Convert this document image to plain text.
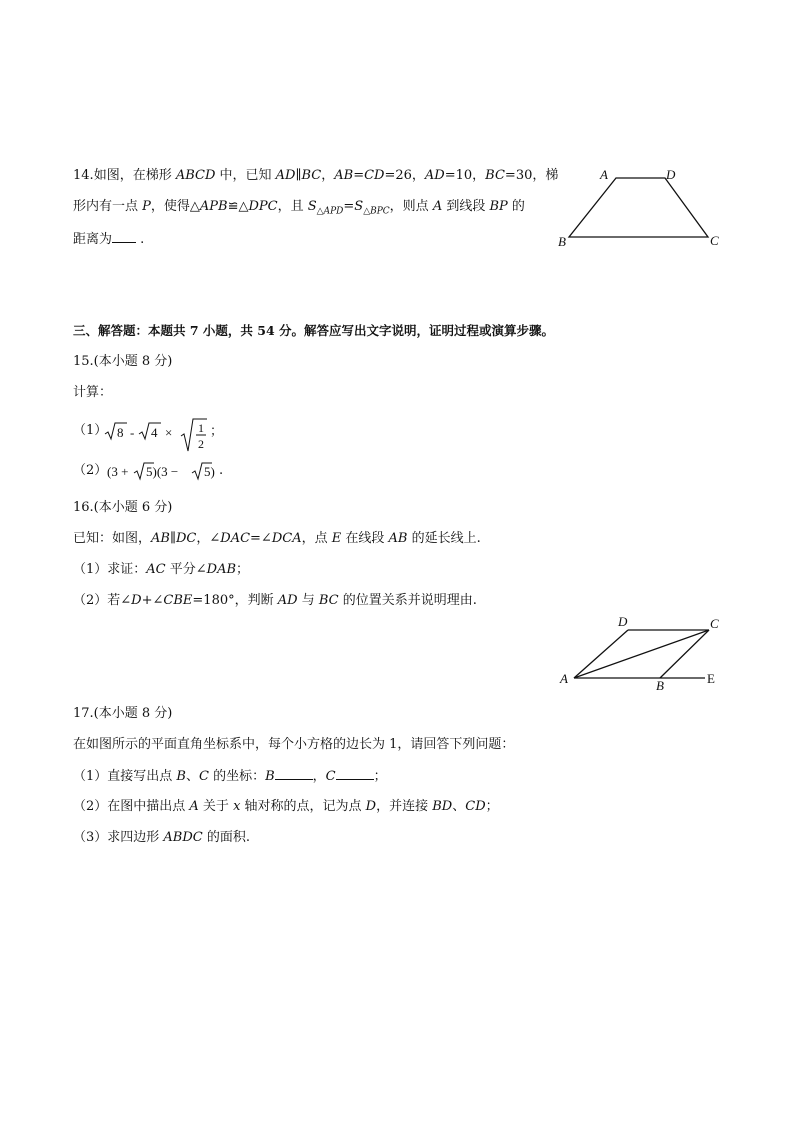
14.如图，在梯形 ABCD 中，已知 AD∥BC，AB=CD=26，AD=10，BC=30，梯
形内有一点 P，使得△APB≌△DPC，且 $S_{\triangle APD}=S_{\triangle BPC}$，则点 A 到线段 BP 的
距离为 .
A	D
B	C
三、解答题：本题共 7 小题，共 54 分。解答应写出文字说明，证明过程或演算步骤。
15.(本小题 8 分)
计算：
（1） 8 - 4 × 1
2
；
（2） (3 + 5)(3 − 5) .
16.(本小题 6 分)
已知：如图，AB∥DC，∠DAC=∠DCA，点 E 在线段 AB 的延长线上.
（1）求证：AC 平分∠DAB；
（2）若∠D+∠CBE=180°，判断 AD 与 BC 的位置关系并说明理由.
D	C
A	B	E
17.(本小题 8 分)
在如图所示的平面直角坐标系中，每个小方格的边长为 1，请回答下列问题：
（1）直接写出点 B、C 的坐标：B	，C	；
（2）在图中描出点 A 关于 x 轴对称的点，记为点 D，并连接 BD、CD；
（3）求四边形 ABDC 的面积.
